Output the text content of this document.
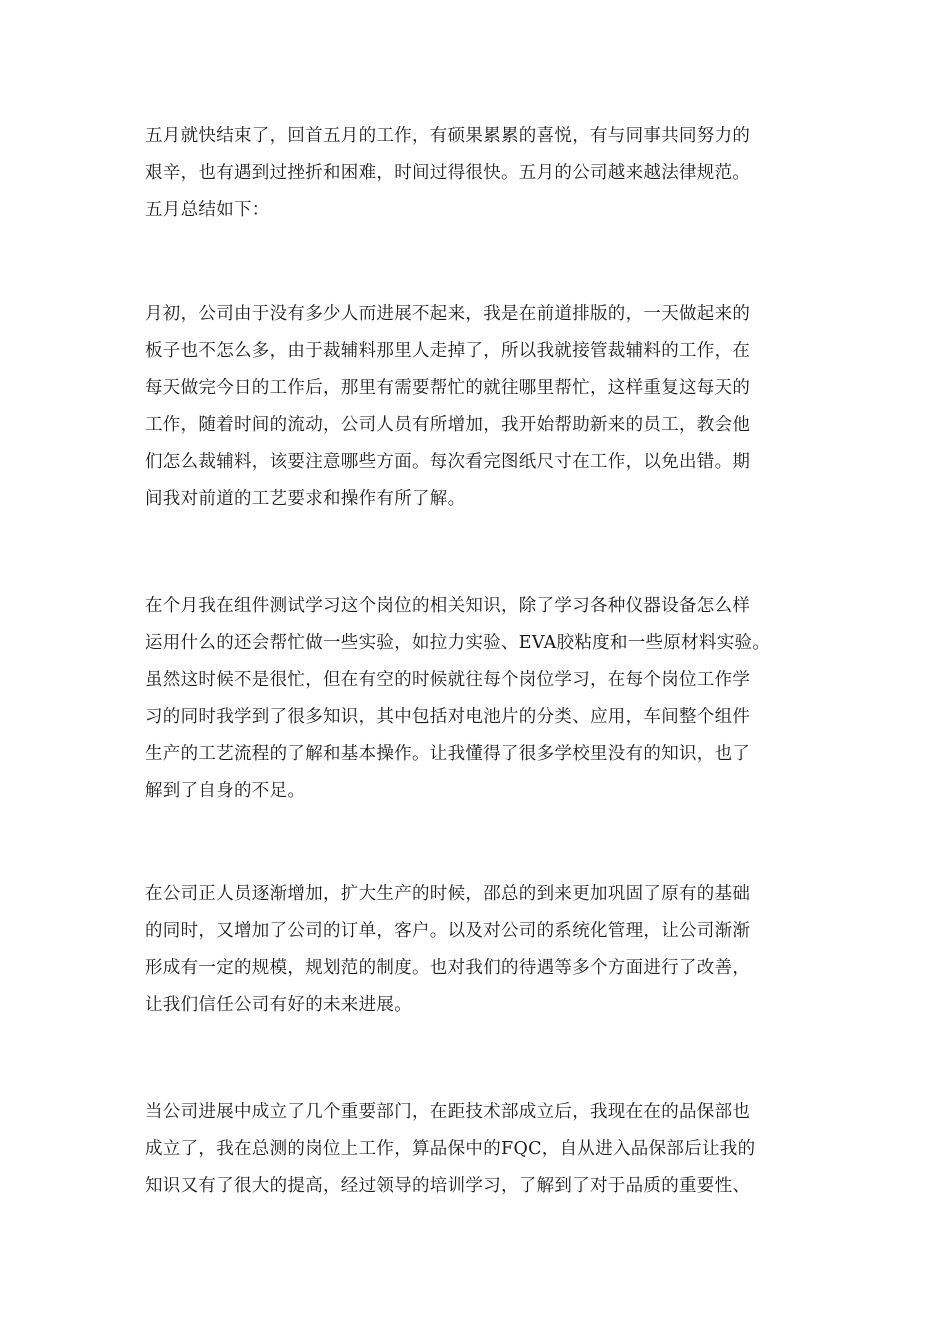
五月就快结束了，回首五月的工作，有硕果累累的喜悦，有与同事共同努力的
艰辛，也有遇到过挫折和困难，时间过得很快。五月的公司越来越法律规范。
五月总结如下：

月初，公司由于没有多少人而进展不起来，我是在前道排版的，一天做起来的
板子也不怎么多，由于裁辅料那里人走掉了，所以我就接管裁辅料的工作，在
每天做完今日的工作后，那里有需要帮忙的就往哪里帮忙，这样重复这每天的
工作，随着时间的流动，公司人员有所增加，我开始帮助新来的员工，教会他
们怎么裁辅料，该要注意哪些方面。每次看完图纸尺寸在工作，以免出错。期
间我对前道的工艺要求和操作有所了解。

在个月我在组件测试学习这个岗位的相关知识，除了学习各种仪器设备怎么样
运用什么的还会帮忙做一些实验，如拉力实验、EVA胶粘度和一些原材料实验。
虽然这时候不是很忙，但在有空的时候就往每个岗位学习，在每个岗位工作学
习的同时我学到了很多知识，其中包括对电池片的分类、应用，车间整个组件
生产的工艺流程的了解和基本操作。让我懂得了很多学校里没有的知识，也了
解到了自身的不足。

在公司正人员逐渐增加，扩大生产的时候，邵总的到来更加巩固了原有的基础
的同时，又增加了公司的订单，客户。以及对公司的系统化管理，让公司渐渐
形成有一定的规模，规划范的制度。也对我们的待遇等多个方面进行了改善，
让我们信任公司有好的未来进展。

当公司进展中成立了几个重要部门，在距技术部成立后，我现在在的品保部也
成立了，我在总测的岗位上工作，算品保中的FQC，自从进入品保部后让我的
知识又有了很大的提高，经过领导的培训学习，了解到了对于品质的重要性、
